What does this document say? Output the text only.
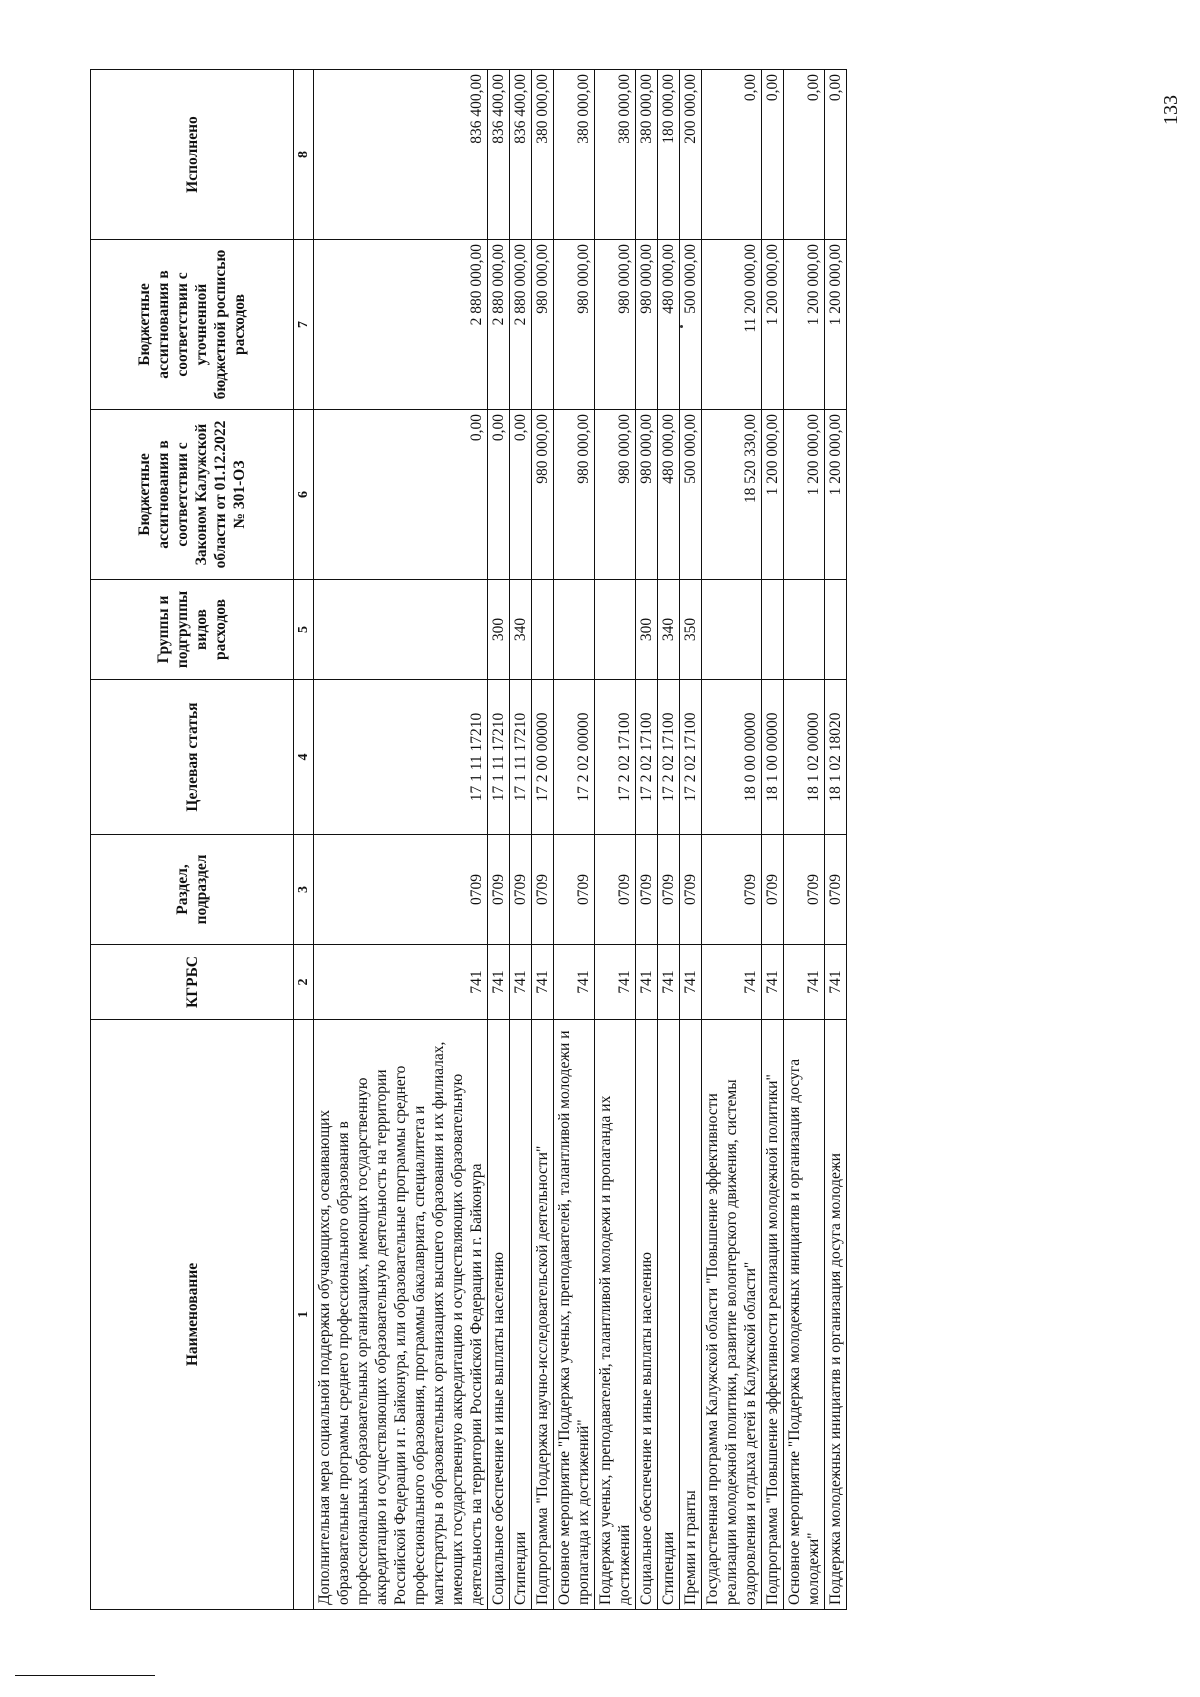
Наименование	КГРБС	Раздел, подраздел	Целевая статья	Группы и подгруппы видов расходов	Бюджетные ассигнования в соответствии с Законом Калужской области от 01.12.2022 № 301-ОЗ	Бюджетные ассигнования в соответствии с уточненной бюджетной росписью расходов	Исполнено
1	2	3	4	5	6	7	8
Дополнительная мера социальной поддержки обучающихся, осваивающих образовательные программы среднего профессионального образования в профессиональных образовательных организациях, имеющих государственную аккредитацию и осуществляющих образовательную деятельность на территории Российской Федерации и г. Байконура, или образовательные программы среднего профессионального образования, программы бакалавриата, специалитета и магистратуры в образовательных организациях высшего образования и их филиалах, имеющих государственную аккредитацию и осуществляющих образовательную деятельность на территории Российской Федерации и г. Байконура	741	0709	17 1 11 17210		0,00	2 880 000,00	836 400,00
Социальное обеспечение и иные выплаты населению	741	0709	17 1 11 17210	300	0,00	2 880 000,00	836 400,00
Стипендии	741	0709	17 1 11 17210	340	0,00	2 880 000,00	836 400,00
Подпрограмма "Поддержка научно-исследовательской деятельности"	741	0709	17 2 00 00000		980 000,00	980 000,00	380 000,00
Основное мероприятие "Поддержка ученых, преподавателей, талантливой молодежи и пропаганда их достижений"	741	0709	17 2 02 00000		980 000,00	980 000,00	380 000,00
Поддержка ученых, преподавателей, талантливой молодежи и пропаганда их достижений	741	0709	17 2 02 17100		980 000,00	980 000,00	380 000,00
Социальное обеспечение и иные выплаты населению	741	0709	17 2 02 17100	300	980 000,00	980 000,00	380 000,00
Стипендии	741	0709	17 2 02 17100	340	480 000,00	480 000,00	180 000,00
Премии и гранты	741	0709	17 2 02 17100	350	500 000,00	500 000,00	200 000,00
Государственная программа Калужской области "Повышение эффективности реализации молодежной политики, развитие волонтерского движения, системы оздоровления и отдыха детей в Калужской области"	741	0709	18 0 00 00000		18 520 330,00	11 200 000,00	0,00
Подпрограмма "Повышение эффективности реализации молодежной политики"	741	0709	18 1 00 00000		1 200 000,00	1 200 000,00	0,00
Основное мероприятие "Поддержка молодежных инициатив и организация досуга молодежи"	741	0709	18 1 02 00000		1 200 000,00	1 200 000,00	0,00
Поддержка молодежных инициатив и организация досуга молодежи	741	0709	18 1 02 18020		1 200 000,00	1 200 000,00	0,00
133
